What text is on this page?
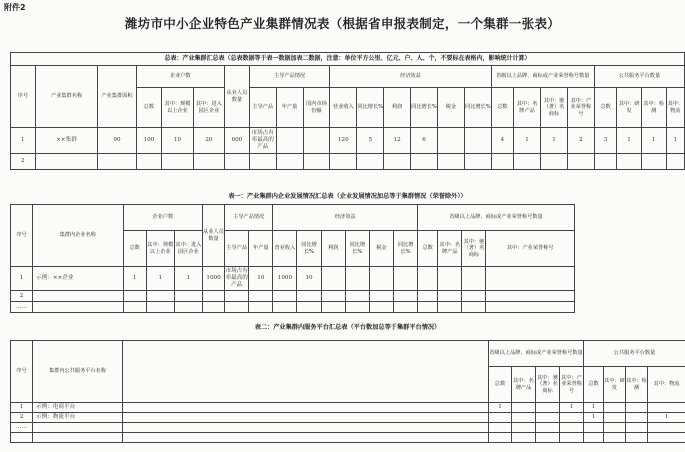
附件2
潍坊市中小企业特色产业集群情况表（根据省申报表制定，一个集群一张表）
总表：产业集群汇总表（总表数据等于表一数据加表二数据，注意：单位平方公里、亿元、户、人、个，不要标在表格内，影响统计计算）																							
序号	产业集群名称	产业集群面积	企业户数			从业人员数量	主导产品情况			经济效益						省级以上品牌、商标或产业荣誉称号数量				公共服务平台数量			
			总数	其中：规模以上企业	其中：进入园区企业		主导产品	年产量	国内市场份额	营业收入	同比增长%	利润	同比增长%	税金	同比增长%	总数	其中：名牌产品	其中：驰（著）名商标	其中：产业荣誉称号	总数	其中：研发	其中：检测	其中：物流
1	××集群	90	100	10	20	600	市场占有率最高的产品			120	5	12	6			4	1	1	2	3	1	1	1
2																							
表一：产业集群内企业发展情况汇总表（企业发展情况加总等于集群情况（荣誉除外））
序号	集群内企业名称	企业户数			从业人员数量	主导产品情况		经济效益						省级以上品牌、商标或产业荣誉称号数量			
		总数	其中：规模以上企业	其中：进入园区企业		主导产品	年产量	营业收入	同比增长%	利润	同比增长%	税金	同比增长%	总数	其中：名牌产品	其中：驰（著）名商标	其中：产业荣誉称号
1	示例：××企业	1	1	1	1000	市场占有率最高的产品	10	1000	10								
2																	
……																	
表二：产业集群内服务平台汇总表（平台数加总等于集群平台情况）
序号	集群内公共服务平台名称		省级以上品牌、商标或产业荣誉称号数量				公共服务平台数量			
			总数	其中：名牌产品	其中：驰（著）名商标	其中：产业荣誉称号	总数	其中：研发	其中：检测	其中：物流
1	示例：电商平台		1			1	1			
2	示例：物流平台						1			1
……										
